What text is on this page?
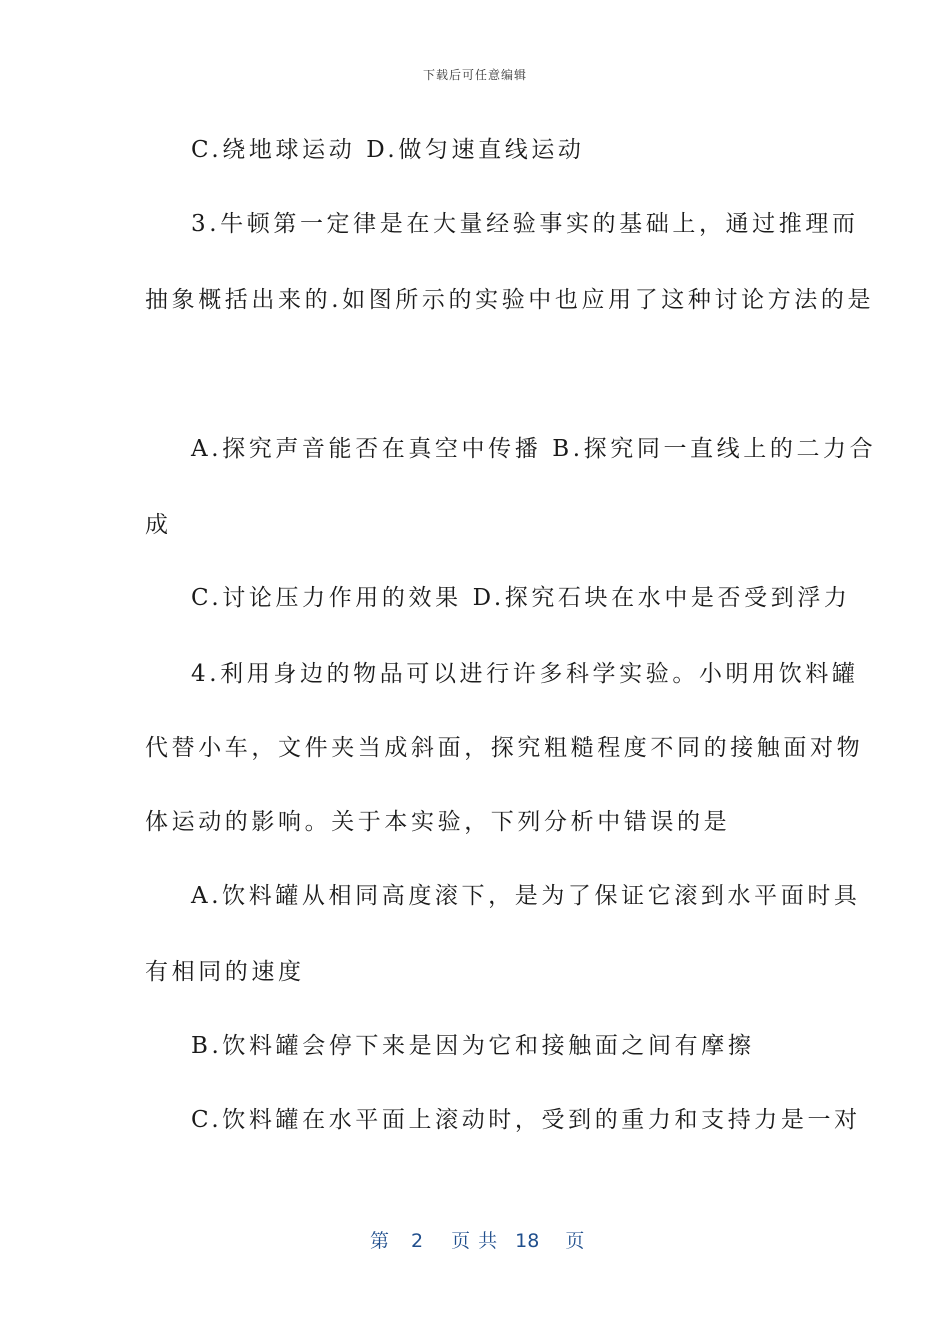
下载后可任意编辑
C.绕地球运动 D.做匀速直线运动
3.牛顿第一定律是在大量经验事实的基础上，通过推理而
抽象概括出来的.如图所示的实验中也应用了这种讨论方法的是
A.探究声音能否在真空中传播 B.探究同一直线上的二力合
成
C.讨论压力作用的效果 D.探究石块在水中是否受到浮力
4.利用身边的物品可以进行许多科学实验。小明用饮料罐
代替小车，文件夹当成斜面，探究粗糙程度不同的接触面对物
体运动的影响。关于本实验，下列分析中错误的是
A.饮料罐从相同高度滚下，是为了保证它滚到水平面时具
有相同的速度
B.饮料罐会停下来是因为它和接触面之间有摩擦
C.饮料罐在水平面上滚动时，受到的重力和支持力是一对
第 2 页共 18 页
